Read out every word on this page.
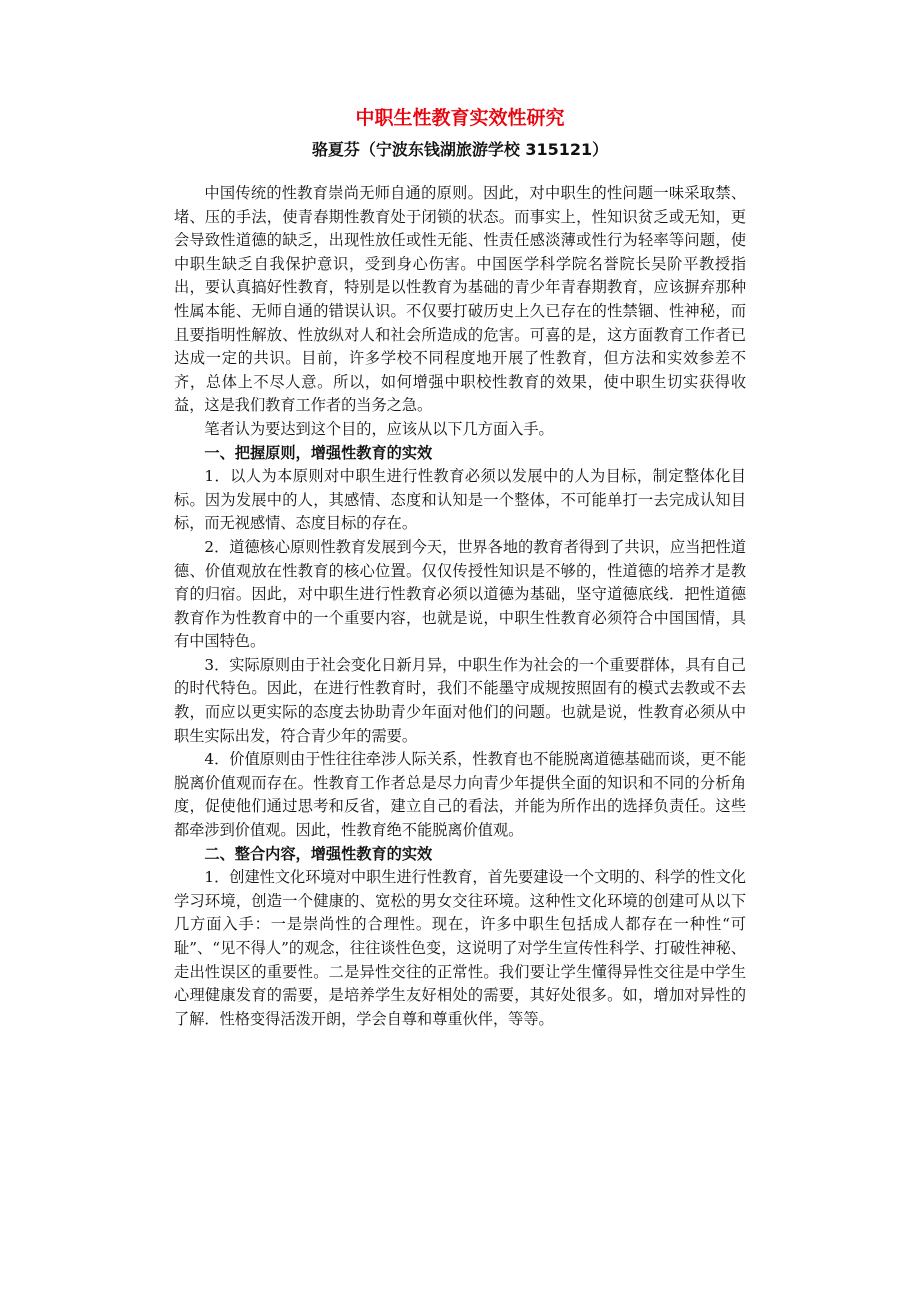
中职生性教育实效性研究
骆夏芬（宁波东钱湖旅游学校 315121）

中国传统的性教育崇尚无师自通的原则。因此，对中职生的性问题一味采取禁、堵、压的手法，使青春期性教育处于闭锁的状态。而事实上，性知识贫乏或无知，更会导致性道德的缺乏，出现性放任或性无能、性责任感淡薄或性行为轻率等问题，使中职生缺乏自我保护意识，受到身心伤害。中国医学科学院名誉院长吴阶平教授指出，要认真搞好性教育，特别是以性教育为基础的青少年青春期教育，应该摒弃那种性属本能、无师自通的错误认识。不仅要打破历史上久已存在的性禁锢、性神秘，而且要指明性解放、性放纵对人和社会所造成的危害。可喜的是，这方面教育工作者已达成一定的共识。目前，许多学校不同程度地开展了性教育，但方法和实效参差不齐，总体上不尽人意。所以，如何增强中职校性教育的效果，使中职生切实获得收益，这是我们教育工作者的当务之急。

笔者认为要达到这个目的，应该从以下几方面入手。

一、把握原则，增强性教育的实效

1．以人为本原则对中职生进行性教育必须以发展中的人为目标，制定整体化目标。因为发展中的人，其感情、态度和认知是一个整体，不可能单打一去完成认知目标，而无视感情、态度目标的存在。

2．道德核心原则性教育发展到今天，世界各地的教育者得到了共识，应当把性道德、价值观放在性教育的核心位置。仅仅传授性知识是不够的，性道德的培养才是教育的归宿。因此，对中职生进行性教育必须以道德为基础，坚守道德底线．把性道德教育作为性教育中的一个重要内容，也就是说，中职生性教育必须符合中国国情，具有中国特色。

3．实际原则由于社会变化日新月异，中职生作为社会的一个重要群体，具有自己的时代特色。因此，在进行性教育时，我们不能墨守成规按照固有的模式去教或不去教，而应以更实际的态度去协助青少年面对他们的问题。也就是说，性教育必须从中职生实际出发，符合青少年的需要。

4．价值原则由于性往往牵涉人际关系，性教育也不能脱离道德基础而谈，更不能脱离价值观而存在。性教育工作者总是尽力向青少年提供全面的知识和不同的分析角度，促使他们通过思考和反省，建立自己的看法，并能为所作出的选择负责任。这些都牵涉到价值观。因此，性教育绝不能脱离价值观。

二、整合内容，增强性教育的实效

1．创建性文化环境对中职生进行性教育，首先要建设一个文明的、科学的性文化学习环境，创造一个健康的、宽松的男女交往环境。这种性文化环境的创建可从以下几方面入手：一是崇尚性的合理性。现在，许多中职生包括成人都存在一种性“可耻”、“见不得人”的观念，往往谈性色变，这说明了对学生宣传性科学、打破性神秘、走出性误区的重要性。二是异性交往的正常性。我们要让学生懂得异性交往是中学生心理健康发育的需要，是培养学生友好相处的需要，其好处很多。如，增加对异性的了解．性格变得活泼开朗，学会自尊和尊重伙伴，等等。
